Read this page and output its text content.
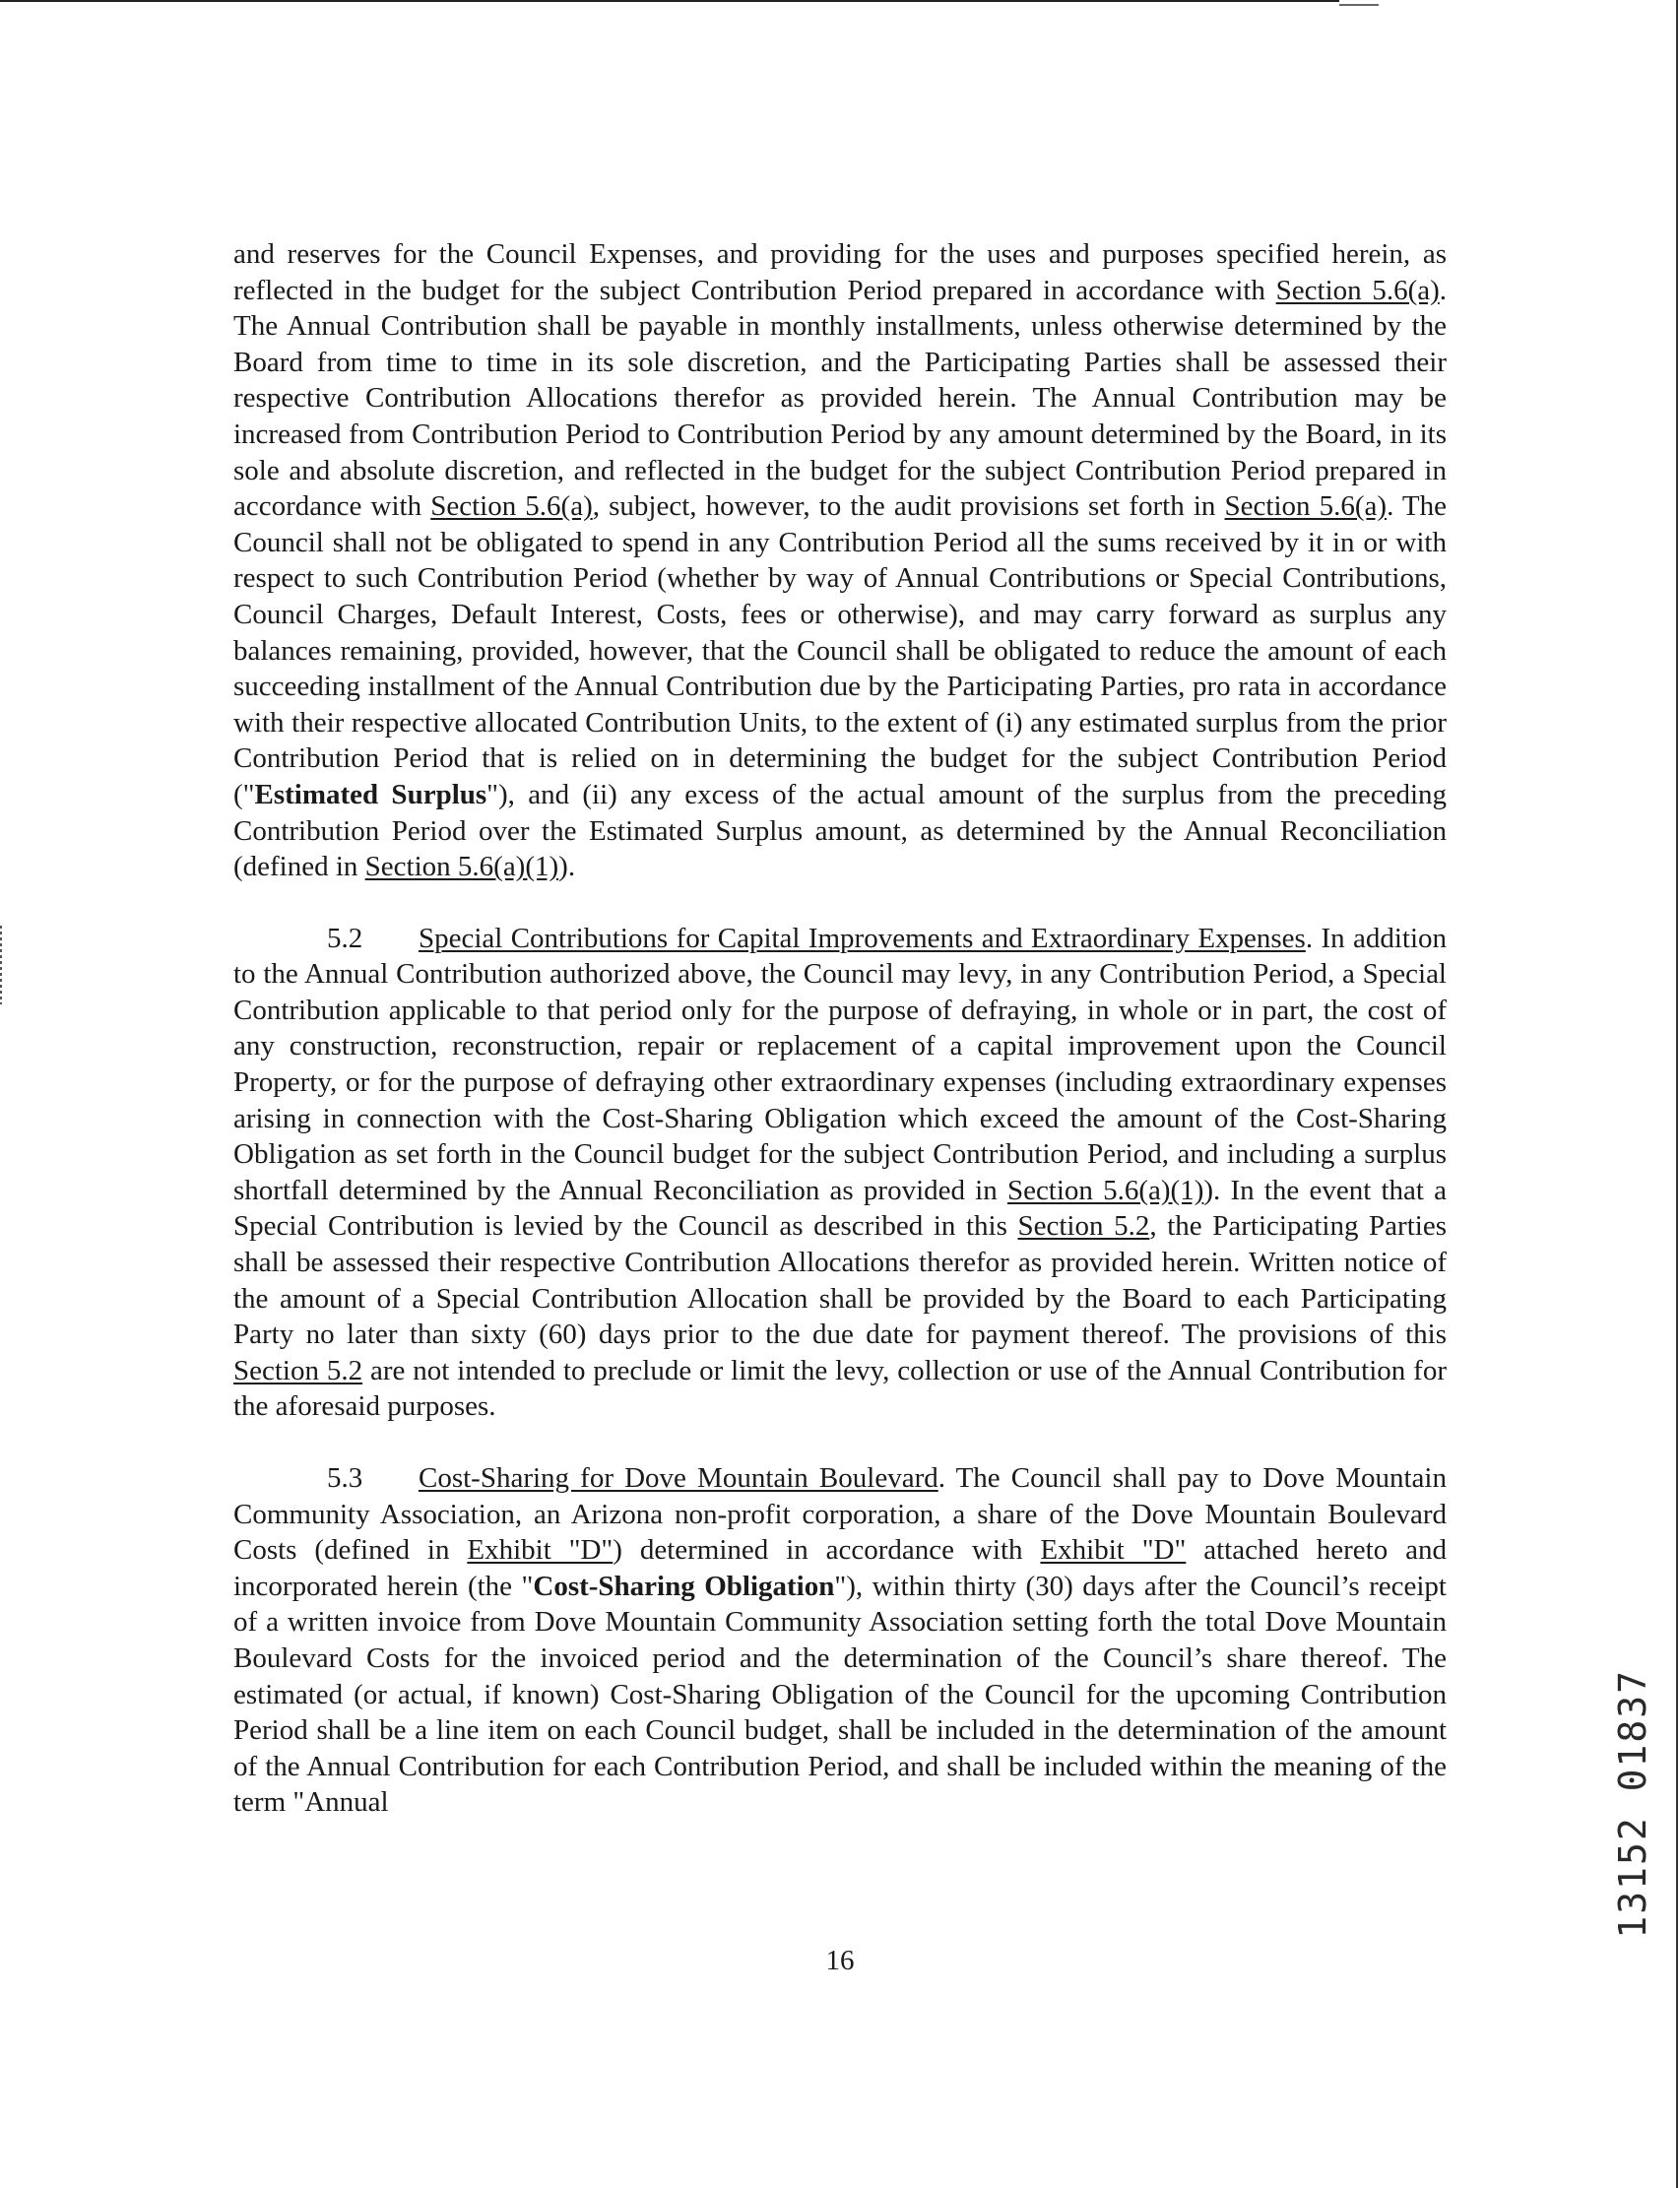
and reserves for the Council Expenses, and providing for the uses and purposes specified herein, as reflected in the budget for the subject Contribution Period prepared in accordance with Section 5.6(a). The Annual Contribution shall be payable in monthly installments, unless otherwise determined by the Board from time to time in its sole discretion, and the Participating Parties shall be assessed their respective Contribution Allocations therefor as provided herein. The Annual Contribution may be increased from Contribution Period to Contribution Period by any amount determined by the Board, in its sole and absolute discretion, and reflected in the budget for the subject Contribution Period prepared in accordance with Section 5.6(a), subject, however, to the audit provisions set forth in Section 5.6(a). The Council shall not be obligated to spend in any Contribution Period all the sums received by it in or with respect to such Contribution Period (whether by way of Annual Contributions or Special Contributions, Council Charges, Default Interest, Costs, fees or otherwise), and may carry forward as surplus any balances remaining, provided, however, that the Council shall be obligated to reduce the amount of each succeeding installment of the Annual Contribution due by the Participating Parties, pro rata in accordance with their respective allocated Contribution Units, to the extent of (i) any estimated surplus from the prior Contribution Period that is relied on in determining the budget for the subject Contribution Period ("Estimated Surplus"), and (ii) any excess of the actual amount of the surplus from the preceding Contribution Period over the Estimated Surplus amount, as determined by the Annual Reconciliation (defined in Section 5.6(a)(1)).

5.2 Special Contributions for Capital Improvements and Extraordinary Expenses. In addition to the Annual Contribution authorized above, the Council may levy, in any Contribution Period, a Special Contribution applicable to that period only for the purpose of defraying, in whole or in part, the cost of any construction, reconstruction, repair or replacement of a capital improvement upon the Council Property, or for the purpose of defraying other extraordinary expenses (including extraordinary expenses arising in connection with the Cost-Sharing Obligation which exceed the amount of the Cost-Sharing Obligation as set forth in the Council budget for the subject Contribution Period, and including a surplus shortfall determined by the Annual Reconciliation as provided in Section 5.6(a)(1)). In the event that a Special Contribution is levied by the Council as described in this Section 5.2, the Participating Parties shall be assessed their respective Contribution Allocations therefor as provided herein. Written notice of the amount of a Special Contribution Allocation shall be provided by the Board to each Participating Party no later than sixty (60) days prior to the due date for payment thereof. The provisions of this Section 5.2 are not intended to preclude or limit the levy, collection or use of the Annual Contribution for the aforesaid purposes.

5.3 Cost-Sharing for Dove Mountain Boulevard. The Council shall pay to Dove Mountain Community Association, an Arizona non-profit corporation, a share of the Dove Mountain Boulevard Costs (defined in Exhibit "D") determined in accordance with Exhibit "D" attached hereto and incorporated herein (the "Cost-Sharing Obligation"), within thirty (30) days after the Council’s receipt of a written invoice from Dove Mountain Community Association setting forth the total Dove Mountain Boulevard Costs for the invoiced period and the determination of the Council’s share thereof. The estimated (or actual, if known) Cost-Sharing Obligation of the Council for the upcoming Contribution Period shall be a line item on each Council budget, shall be included in the determination of the amount of the Annual Contribution for each Contribution Period, and shall be included within the meaning of the term "Annual

16
13152 01837
